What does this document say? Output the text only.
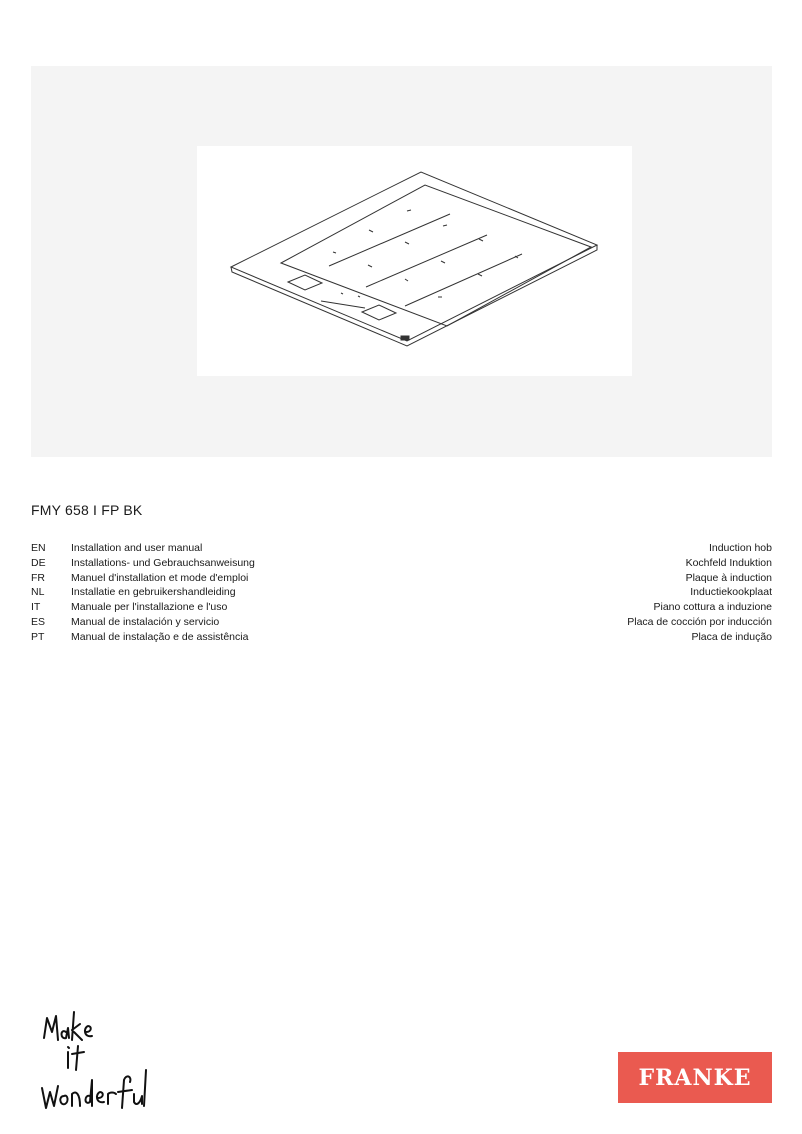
FMY 658 I FP BK
EN Installation and user manual	Induction hob
DE Installations- und Gebrauchsanweisung	Kochfeld Induktion
FR Manuel d'installation et mode d'emploi	Plaque à induction
NL	Installatie en gebruikershandleiding	Inductiekookplaat
IT	Manuale per l'installazione e l'uso	Piano cottura a induzione
ES Manual de instalación y servicio	Placa de cocción por inducción
PT	Manual de instalação e de assistência	Placa de indução
FRANKE
